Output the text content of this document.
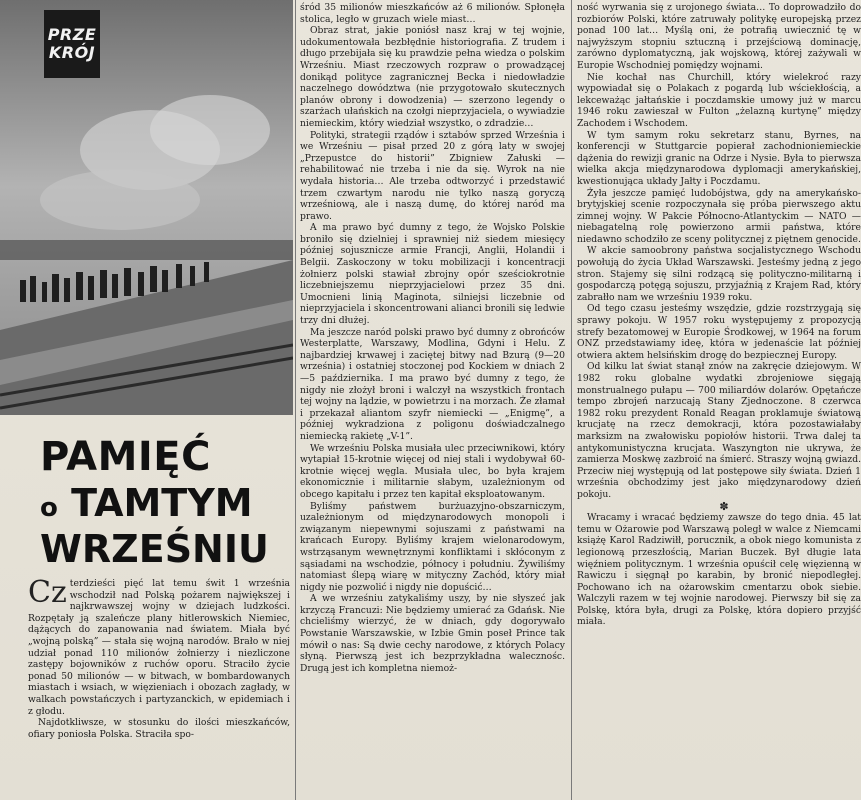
PRZE
KRÓJ
PAMIĘĆ
o TAMTYM
WRZEŚNIU

Cz terdzieści pięć lat temu świt 1 września wschodził nad Polską pożarem największej i najkrwawszej wojny w dziejach ludzkości. Rozpętały ją szaleńcze plany hitlerowskich Niemiec, dążących do zapanowania nad światem. Miała być „wojną polską” — stała się wojną narodów. Brało w niej udział ponad 110 milionów żołnierzy i niezliczone zastępy bojowników z ruchów oporu. Straciło życie ponad 50 milionów — w bitwach, w bombardowanych miastach i wsiach, w więzieniach i obozach zagłady, w walkach powstańczych i partyzanckich, w epidemiach i z głodu.

Najdotkliwsze, w stosunku do ilości mieszkańców, ofiary poniosła Polska. Straciła spo-

śród 35 milionów mieszkańców aż 6 milionów. Spłonęła stolica, legło w gruzach wiele miast…

Obraz strat, jakie poniósł nasz kraj w tej wojnie, udokumentowała bezbłędnie historiografia. Z trudem i długo przebijała się ku prawdzie pełna wiedza o polskim Wrześniu. Miast rzeczowych rozpraw o prowadzącej donikąd polityce zagranicznej Becka i niedowładzie naczelnego dowództwa (nie przygotowało skutecznych planów obrony i dowodzenia) — szerzono legendy o szarżach ułańskich na czołgi nieprzyjaciela, o wywiadzie niemieckim, który wiedział wszystko, o zdradzie…

Polityki, strategii rządów i sztabów sprzed Września i we Wrześniu — pisał przed 20 z górą laty w swojej „Przepustce do historii” Zbigniew Załuski — rehabilitować nie trzeba i nie da się. Wyrok na nie wydała historia… Ale trzeba odtworzyć i przedstawić trzem czwartym narodu nie tylko naszą goryczą wrześniową, ale i naszą dumę, do której naród ma prawo.

A ma prawo być dumny z tego, że Wojsko Polskie broniło się dzielniej i sprawniej niż siedem miesięcy później sojusznicze armie Francji, Anglii, Holandii i Belgii. Zaskoczony w toku mobilizacji i koncentracji żołnierz polski stawiał zbrojny opór sześciokrotnie liczebniejszemu nieprzyjacielowi przez 35 dni. Umocnieni linią Maginota, silniejsi liczebnie od nieprzyjaciela i skoncentrowani alianci bronili się ledwie trzy dni dłużej.

Ma jeszcze naród polski prawo być dumny z obrońców Westerplatte, Warszawy, Modlina, Gdyni i Helu. Z najbardziej krwawej i zaciętej bitwy nad Bzurą (9—20 września) i ostatniej stoczonej pod Kockiem w dniach 2—5 października. I ma prawo być dumny z tego, że nigdy nie złożył broni i walczył na wszystkich frontach tej wojny na lądzie, w powietrzu i na morzach. Że złamał i przekazał aliantom szyfr niemiecki — „Enigmę”, a później wykradziona z poligonu doświadczalnego niemiecką rakietę „V-1”.

We wrześniu Polska musiała ulec przeciwnikowi, który wytapiał 15-krotnie więcej od niej stali i wydobywał 60-krotnie więcej węgla. Musiała ulec, bo była krajem ekonomicznie i militarnie słabym, uzależnionym od obcego kapitału i przez ten kapitał eksploatowanym.

Byliśmy państwem burżuazyjno-obszarniczym, uzależnionym od międzynarodowych monopoli i związanym niepewnymi sojuszami z państwami na krańcach Europy. Byliśmy krajem wielonarodowym, wstrząsanym wewnętrznymi konfliktami i skłóconym z sąsiadami na wschodzie, północy i południu. Żywiliśmy natomiast ślepą wiarę w mityczny Zachód, który miał nigdy nie pozwolić i nigdy nie dopuścić…

A we wrześniu zatykaliśmy uszy, by nie słyszeć jak krzyczą Francuzi: Nie będziemy umierać za Gdańsk. Nie chcieliśmy wierzyć, że w dniach, gdy dogorywało Powstanie Warszawskie, w Izbie Gmin poseł Prince tak mówił o nas: Są dwie cechy narodowe, z których Polacy słyną. Pierwszą jest ich bezprzykładna walecznośc. Drugą jest ich kompletna niemoż-

ność wyrwania się z urojonego świata… To doprowadziło do rozbiorów Polski, które zatruwały politykę europejską przez ponad 100 lat… Myślą oni, że potrafią uwiecznić tę w najwyższym stopniu sztuczną i przejściową dominację, zarówno dyplomatyczną, jak wojskową, której zażywali w Europie Wschodniej pomiędzy wojnami.

Nie kochał nas Churchill, który wielekroć razy wypowiadał się o Polakach z pogardą lub wściekłością, a lekceważąc jałtańskie i poczdamskie umowy już w marcu 1946 roku zawieszał w Fulton „żelazną kurtynę” między Zachodem i Wschodem.

W tym samym roku sekretarz stanu, Byrnes, na konferencji w Stuttgarcie popierał zachodnioniemieckie dążenia do rewizji granic na Odrze i Nysie. Była to pierwsza wielka akcja międzynarodowa dyplomacji amerykańskiej, kwestionująca układy Jałty i Poczdamu.

Żyła jeszcze pamięć ludobójstwa, gdy na amerykańsko-brytyjskiej scenie rozpoczynała się próba pierwszego aktu zimnej wojny. W Pakcie Północno-Atlantyckim — NATO — niebagatelną rolę powierzono armii państwa, które niedawno schodziło ze sceny politycznej z piętnem genocide.

W akcie samoobrony państwa socjalistycznego Wschodu powołują do życia Układ Warszawski. Jesteśmy jedną z jego stron. Stajemy się silni rodzącą się polityczno-militarną i gospodarczą potęgą sojuszu, przyjaźnią z Krajem Rad, który zabrałło nam we wrześniu 1939 roku.

Od tego czasu jesteśmy wszędzie, gdzie rozstrzygają się sprawy pokoju. W 1957 roku występujemy z propozycją strefy bezatomowej w Europie Środkowej, w 1964 na forum ONZ przedstawiamy ideę, która w jedenaście lat później otwiera aktem helsińskim drogę do bezpiecznej Europy.

Od kilku lat świat stanął znów na zakręcie dziejowym. W 1982 roku globalne wydatki zbrojeniowe sięgają monstrualnego pułapu — 700 miliardów dolarów. Opętańcze tempo zbrojeń narzucają Stany Zjednoczone. 8 czerwca 1982 roku prezydent Ronald Reagan proklamuje światową krucjatę na rzecz demokracji, która pozostawiałaby marksizm na zwałowisku popiołów historii. Trwa dalej ta antykomunistyczna krucjata. Waszyngton nie ukrywa, że zamierza Moskwę zazbroić na śmierć. Straszy wojną gwiazd. Przeciw niej występują od lat postępowe siły świata. Dzień 1 września obchodzimy jest jako międzynarodowy dzień pokoju.

✽

Wracamy i wracać będziemy zawsze do tego dnia. 45 lat temu w Ożarowie pod Warszawą poległ w walce z Niemcami książę Karol Radziwiłł, porucznik, a obok niego komunista z legionową przeszłością, Marian Buczek. Był długie lata więźniem politycznym. 1 września opuścił celę więzienną w Rawiczu i sięgnął po karabin, by bronić niepodległej. Pochowano ich na ożarowskim cmentarzu obok siebie. Walczyli razem w tej wojnie narodowej. Pierwszy bił się za Polskę, która była, drugi za Polskę, która dopiero przyjść miała.
